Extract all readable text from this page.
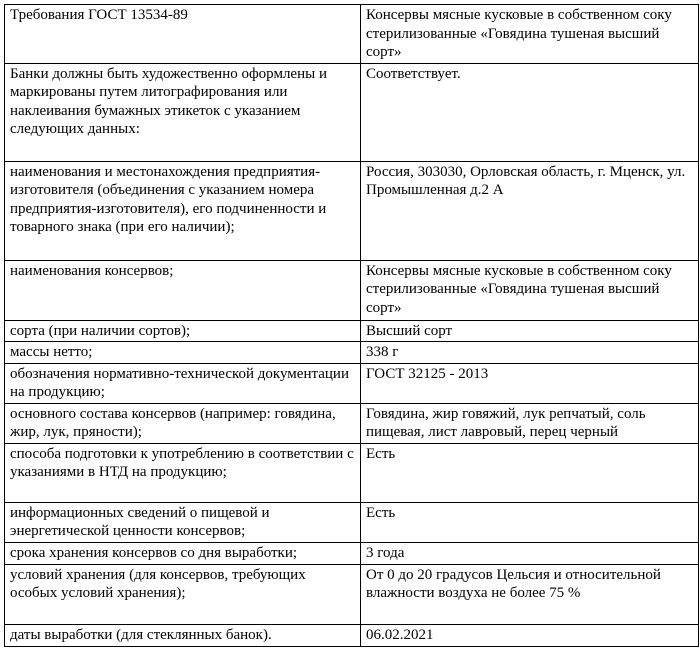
Требования ГОСТ 13534-89	Консервы мясные кусковые в собственном соку стерилизованные «Говядина тушеная высший сорт»
Банки должны быть художественно оформлены и маркированы путем литографирования или наклеивания бумажных этикеток с указанием следующих данных:	Соответствует.
наименования и местонахождения предприятия-изготовителя (объединения с указанием номера предприятия-изготовителя), его подчиненности и товарного знака (при его наличии);	Россия, 303030, Орловская область, г. Мценск, ул. Промышленная д.2 А
наименования консервов;	Консервы мясные кусковые в собственном соку стерилизованные «Говядина тушеная высший сорт»
сорта (при наличии сортов);	Высший сорт
массы нетто;	338 г
обозначения нормативно-технической документации на продукцию;	ГОСТ 32125 - 2013
основного состава консервов (например: говядина, жир, лук, пряности);	Говядина, жир говяжий, лук репчатый, соль пищевая, лист лавровый, перец черный
способа подготовки к употреблению в соответствии с указаниями в НТД на продукцию;	Есть
информационных сведений о пищевой и энергетической ценности консервов;	Есть
срока хранения консервов со дня выработки;	3 года
условий хранения (для консервов, требующих особых условий хранения);	От 0 до 20 градусов Цельсия и относительной влажности воздуха не более 75 %
даты выработки (для стеклянных банок).	06.02.2021
